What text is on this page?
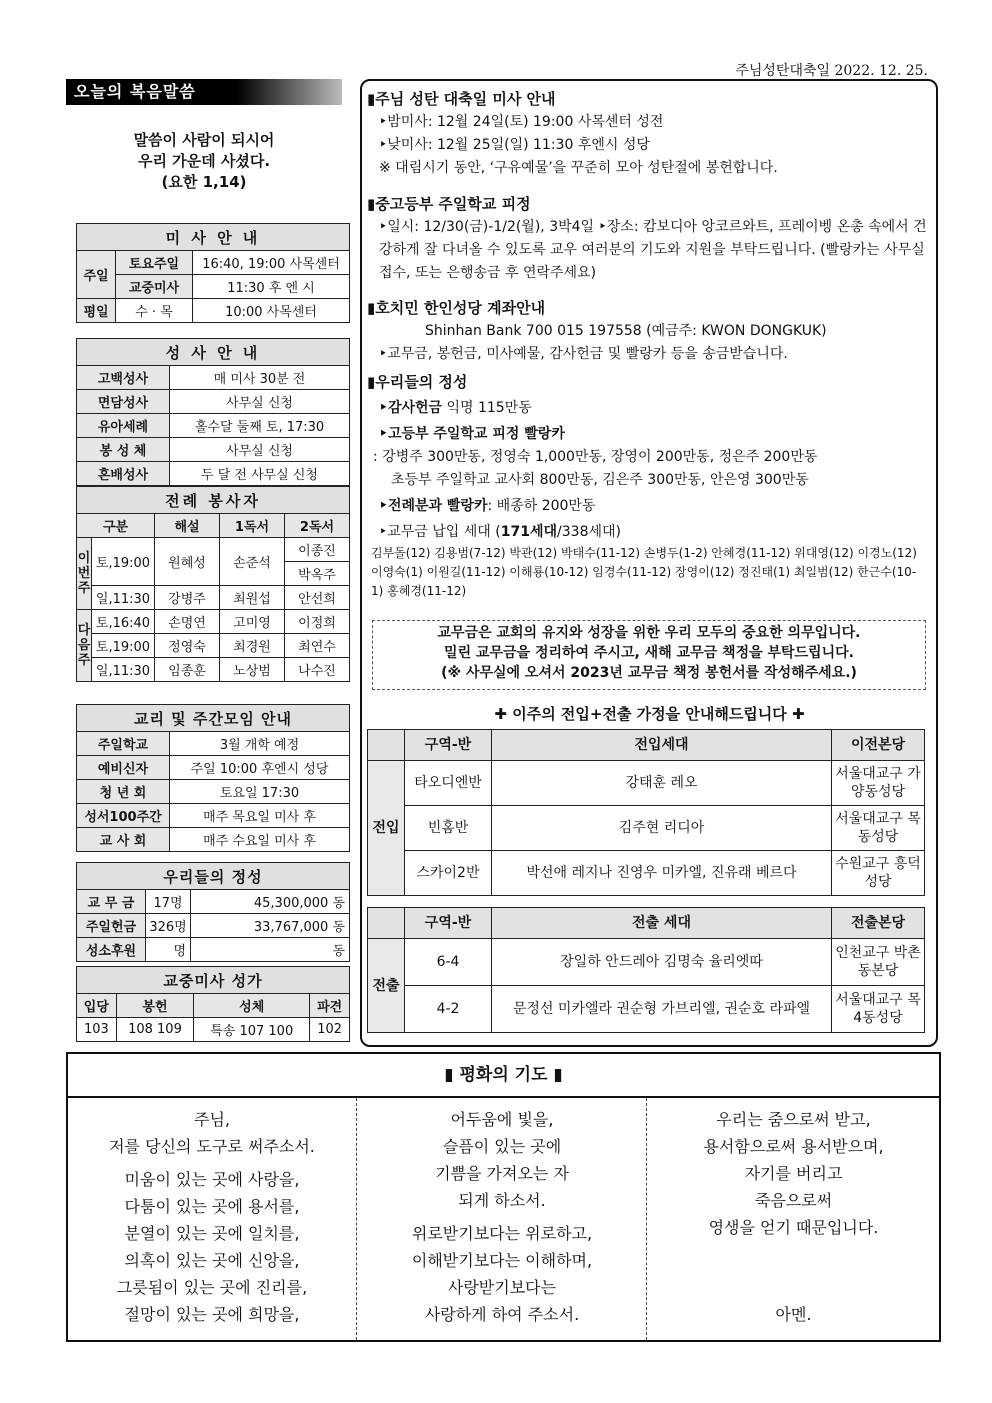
주님성탄대축일 2022. 12. 25.
오늘의 복음말씀
말씀이 사람이 되시어
우리 가운데 사셨다.
(요한 1,14)
미 사 안 내		
주일	토요주일	16:40, 19:00 사목센터
	교중미사	11:30 후 엔 시
평일	수 · 목	10:00 사목센터
성 사 안 내	
고백성사	매 미사 30분 전
면담성사	사무실 신청
유아세례	홀수달 둘째 토, 17:30
봉 성 체	사무실 신청
혼배성사	두 달 전 사무실 신청
전례 봉사자				
구분		해설	1독서	2독서
이번주	토,19:00	원혜성	손준석	이종진
				박옥주
	일,11:30	강병주	최원섭	안선희
다음주	토,16:40	손명연	고미영	이정희
	토,19:00	정영숙	최경원	최연수
	일,11:30	임종훈	노상범	나수진
교리 및 주간모임 안내	
주일학교	3월 개학 예정
예비신자	주일 10:00 후엔시 성당
청 년 회	토요일 17:30
성서100주간	매주 목요일 미사 후
교 사 회	매주 수요일 미사 후
우리들의 정성		
교 무 금	17명	45,300,000 동
주일헌금	326명	33,767,000 동
성소후원	명	동
교중미사 성가			
입당	봉헌	성체	파견
103	108 109	특송 107 100	102
▮주님 성탄 대축일 미사 안내
‣밤미사: 12월 24일(토) 19:00 사목센터 성전
‣낮미사: 12월 25일(일) 11:30 후엔시 성당
※ 대림시기 동안, ‘구유예물’을 꾸준히 모아 성탄절에 봉헌합니다.
▮중고등부 주일학교 피정
‣일시: 12/30(금)-1/2(월), 3박4일 ‣장소: 캄보디아 앙코르와트, 프레이벵 온총 속에서 건강하게 잘 다녀올 수 있도록 교우 여러분의 기도와 지원을 부탁드립니다. (빨랑카는 사무실 접수, 또는 은행송금 후 연락주세요)
▮호치민 한인성당 계좌안내
Shinhan Bank 700 015 197558 (예금주: KWON DONGKUK)
‣교무금, 봉헌금, 미사예물, 감사헌금 및 빨랑카 등을 송금받습니다.
▮우리들의 정성
‣감사헌금 익명 115만동
‣고등부 주일학교 피정 빨랑카
: 강병주 300만동, 정영숙 1,000만동, 장영이 200만동, 정은주 200만동
초등부 주일학교 교사회 800만동, 김은주 300만동, 안은영 300만동
‣전례분과 빨랑카: 배종하 200만동
‣교무금 납입 세대 (171세대/338세대)
김부돌(12) 김용범(7-12) 박관(12) 박태수(11-12) 손병두(1-2) 안혜경(11-12) 위대영(12) 이경노(12) 이영숙(1) 이원길(11-12) 이해룡(10-12) 임경수(11-12) 장영이(12) 정진태(1) 최일범(12) 한근수(10-1) 홍혜경(11-12)
교무금은 교회의 유지와 성장을 위한 우리 모두의 중요한 의무입니다.
밀린 교무금을 정리하여 주시고, 새해 교무금 책정을 부탁드립니다.
(※ 사무실에 오셔서 2023년 교무금 책정 봉헌서를 작성해주세요.)
✚ 이주의 전입+전출 가정을 안내해드립니다 ✚
	구역-반	전입세대	이전본당
전입	타오디엔반	강태훈 레오	서울대교구 가양동성당
	빈홈반	김주현 리디아	서울대교구 목동성당
	스카이2반	박선애 레지나 진영우 미카엘, 진유래 베르다	수원교구 흥덕성당
	구역-반	전출 세대	전출본당
전출	6-4	장일하 안드레아 김명숙 율리엣따	인천교구 박촌동본당
	4-2	문정선 미카엘라 권순형 가브리엘, 권순호 라파엘	서울대교구 목4동성당
▮ 평화의 기도 ▮
주님,
저를 당신의 도구로 써주소서.
미움이 있는 곳에 사랑을,
다툼이 있는 곳에 용서를,
분열이 있는 곳에 일치를,
의혹이 있는 곳에 신앙을,
그릇됨이 있는 곳에 진리를,
절망이 있는 곳에 희망을,
어두움에 빛을,
슬픔이 있는 곳에
기쁨을 가져오는 자
되게 하소서.
위로받기보다는 위로하고,
이해받기보다는 이해하며,
사랑받기보다는
사랑하게 하여 주소서.
우리는 줌으로써 받고,
용서함으로써 용서받으며,
자기를 버리고
죽음으로써
영생을 얻기 때문입니다.
아멘.
